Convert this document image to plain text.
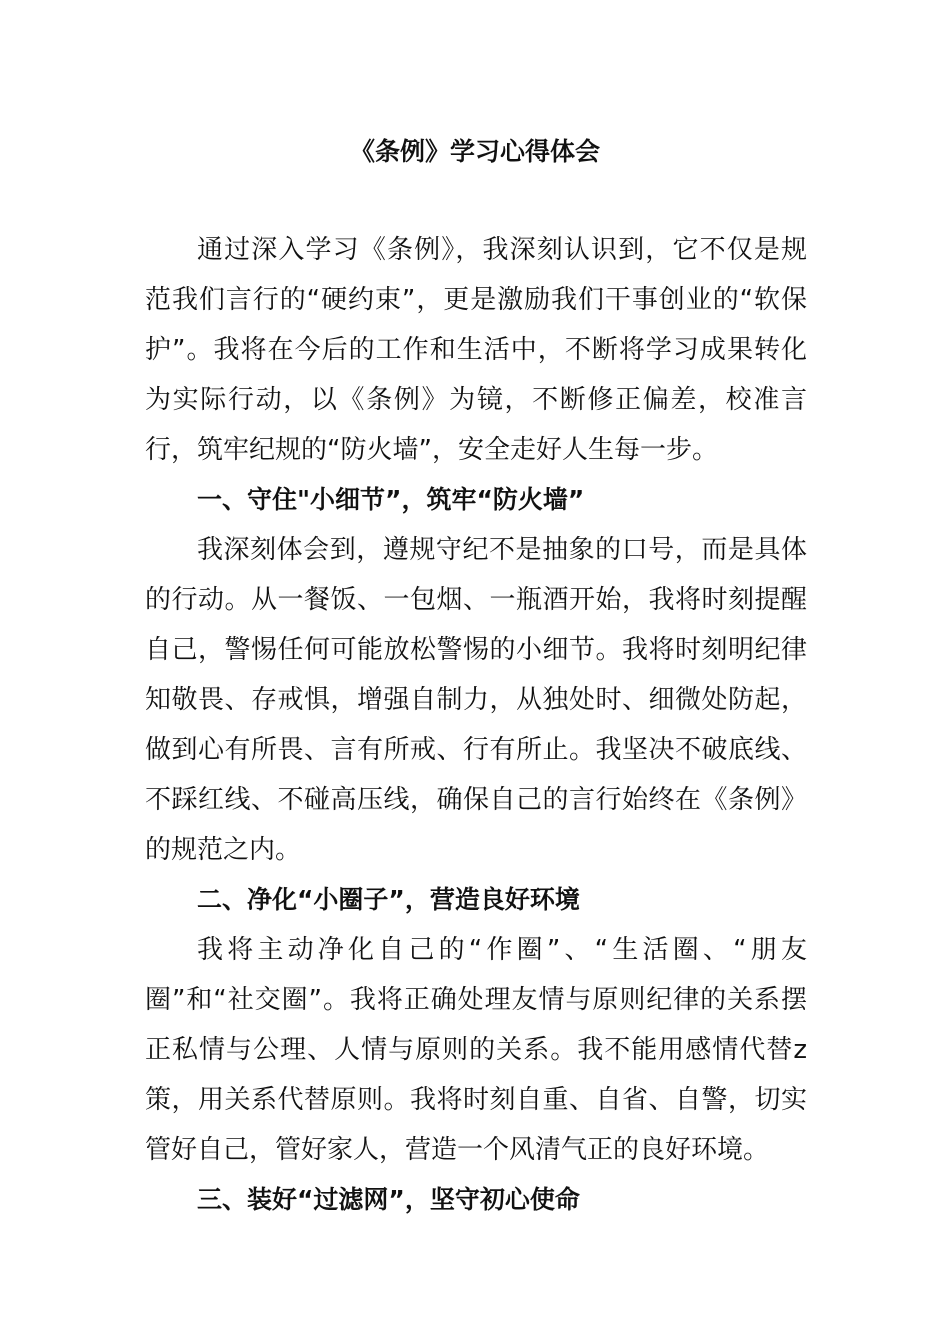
《条例》学习心得体会

通过深入学习《条例》，我深刻认识到，它不仅是规范我们言行的“硬约束”，更是激励我们干事创业的“软保护”。我将在今后的工作和生活中，不断将学习成果转化为实际行动，以《条例》为镜，不断修正偏差，校准言行，筑牢纪规的“防火墙”，安全走好人生每一步。

一、守住"小细节”，筑牢“防火墙”

我深刻体会到，遵规守纪不是抽象的口号，而是具体的行动。从一餐饭、一包烟、一瓶酒开始，我将时刻提醒自己，警惕任何可能放松警惕的小细节。我将时刻明纪律知敬畏、存戒惧，增强自制力，从独处时、细微处防起，做到心有所畏、言有所戒、行有所止。我坚决不破底线、不踩红线、不碰高压线，确保自己的言行始终在《条例》的规范之内。

二、净化“小圈子”，营造良好环境

我将主动净化自己的“作圈”、“生活圈、“朋友圈”和“社交圈”。我将正确处理友情与原则纪律的关系摆正私情与公理、人情与原则的关系。我不能用感情代替z策，用关系代替原则。我将时刻自重、自省、自警，切实管好自己，管好家人，营造一个风清气正的良好环境。

三、装好“过滤网”，坚守初心使命
